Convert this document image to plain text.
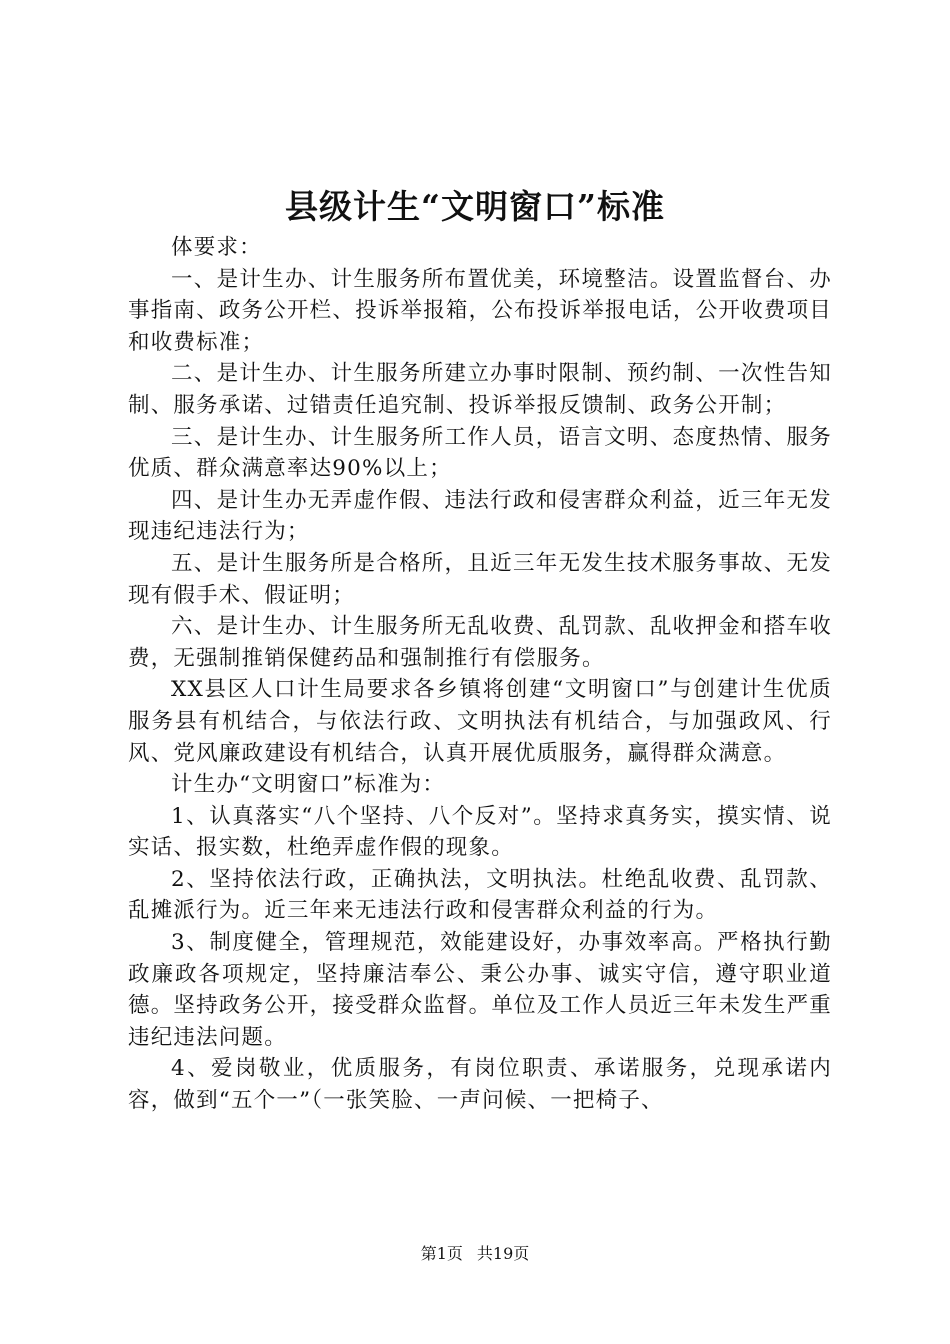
县级计生“文明窗口”标准

体要求：

一、是计生办、计生服务所布置优美，环境整洁。设置监督台、办事指南、政务公开栏、投诉举报箱，公布投诉举报电话，公开收费项目和收费标准；

二、是计生办、计生服务所建立办事时限制、预约制、一次性告知制、服务承诺、过错责任追究制、投诉举报反馈制、政务公开制；

三、是计生办、计生服务所工作人员，语言文明、态度热情、服务优质、群众满意率达90%以上；

四、是计生办无弄虚作假、违法行政和侵害群众利益，近三年无发现违纪违法行为；

五、是计生服务所是合格所，且近三年无发生技术服务事故、无发现有假手术、假证明；

六、是计生办、计生服务所无乱收费、乱罚款、乱收押金和搭车收费，无强制推销保健药品和强制推行有偿服务。

XX县区人口计生局要求各乡镇将创建“文明窗口”与创建计生优质服务县有机结合，与依法行政、文明执法有机结合，与加强政风、行风、党风廉政建设有机结合，认真开展优质服务，赢得群众满意。

计生办“文明窗口”标准为：

1、认真落实“八个坚持、八个反对”。坚持求真务实，摸实情、说实话、报实数，杜绝弄虚作假的现象。

2、坚持依法行政，正确执法，文明执法。杜绝乱收费、乱罚款、乱摊派行为。近三年来无违法行政和侵害群众利益的行为。

3、制度健全，管理规范，效能建设好，办事效率高。严格执行勤政廉政各项规定，坚持廉洁奉公、秉公办事、诚实守信，遵守职业道德。坚持政务公开，接受群众监督。单位及工作人员近三年未发生严重违纪违法问题。

4、爱岗敬业，优质服务，有岗位职责、承诺服务，兑现承诺内容，做到“五个一”（一张笑脸、一声问候、一把椅子、

第1页 共19页
